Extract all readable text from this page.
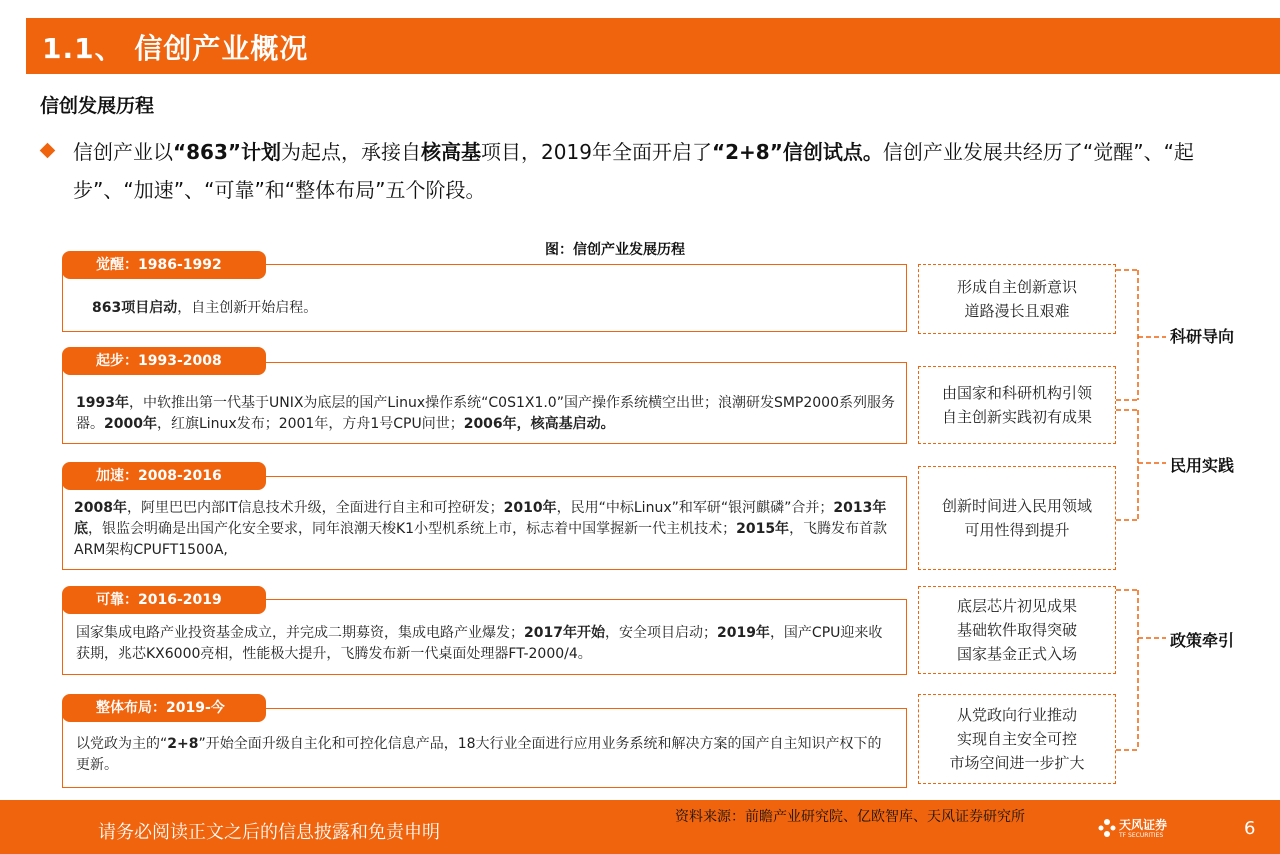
1.1、 信创产业概况
信创发展历程
信创产业以“863”计划为起点，承接自核高基项目，2019年全面开启了“2+8”信创试点。信创产业发展共经历了“觉醒”、“起步”、“加速”、“可靠”和“整体布局”五个阶段。
图：信创产业发展历程
觉醒：1986-1992
863项目启动，自主创新开始启程。
起步：1993-2008
1993年，中软推出第一代基于UNIX为底层的国产Linux操作系统“C0S1X1.0”国产操作系统横空出世；浪潮研发SMP2000系列服务器。2000年，红旗Linux发布；2001年，方舟1号CPU问世；2006年，核高基启动。
加速：2008-2016
2008年，阿里巴巴内部IT信息技术升级，全面进行自主和可控研发；2010年，民用“中标Linux”和军研“银河麒磷”合并；2013年底，银监会明确是出国产化安全要求，同年浪潮天梭K1小型机系统上市，标志着中国掌握新一代主机技术；2015年，飞腾发布首款ARM架构CPUFT1500A,
可靠：2016-2019
国家集成电路产业投资基金成立，并完成二期募资，集成电路产业爆发；2017年开始，安全项目启动；2019年，国产CPU迎来收获期，兆芯KX6000亮相，性能极大提升，飞腾发布新一代桌面处理器FT-2000/4。
整体布局：2019-今
以党政为主的“2+8”开始全面升级自主化和可控化信息产品，18大行业全面进行应用业务系统和解决方案的国产自主知识产权下的更新。
形成自主创新意识
道路漫长且艰难
由国家和科研机构引领
自主创新实践初有成果
创新时间进入民用领域
可用性得到提升
底层芯片初见成果
基础软件取得突破
国家基金正式入场
从党政向行业推动
实现自主安全可控
市场空间进一步扩大
科研导向
民用实践
政策牵引
请务必阅读正文之后的信息披露和免责申明
资料来源：前瞻产业研究院、亿欧智库、天风证券研究所	天风证券
TF SECURITIES	6
